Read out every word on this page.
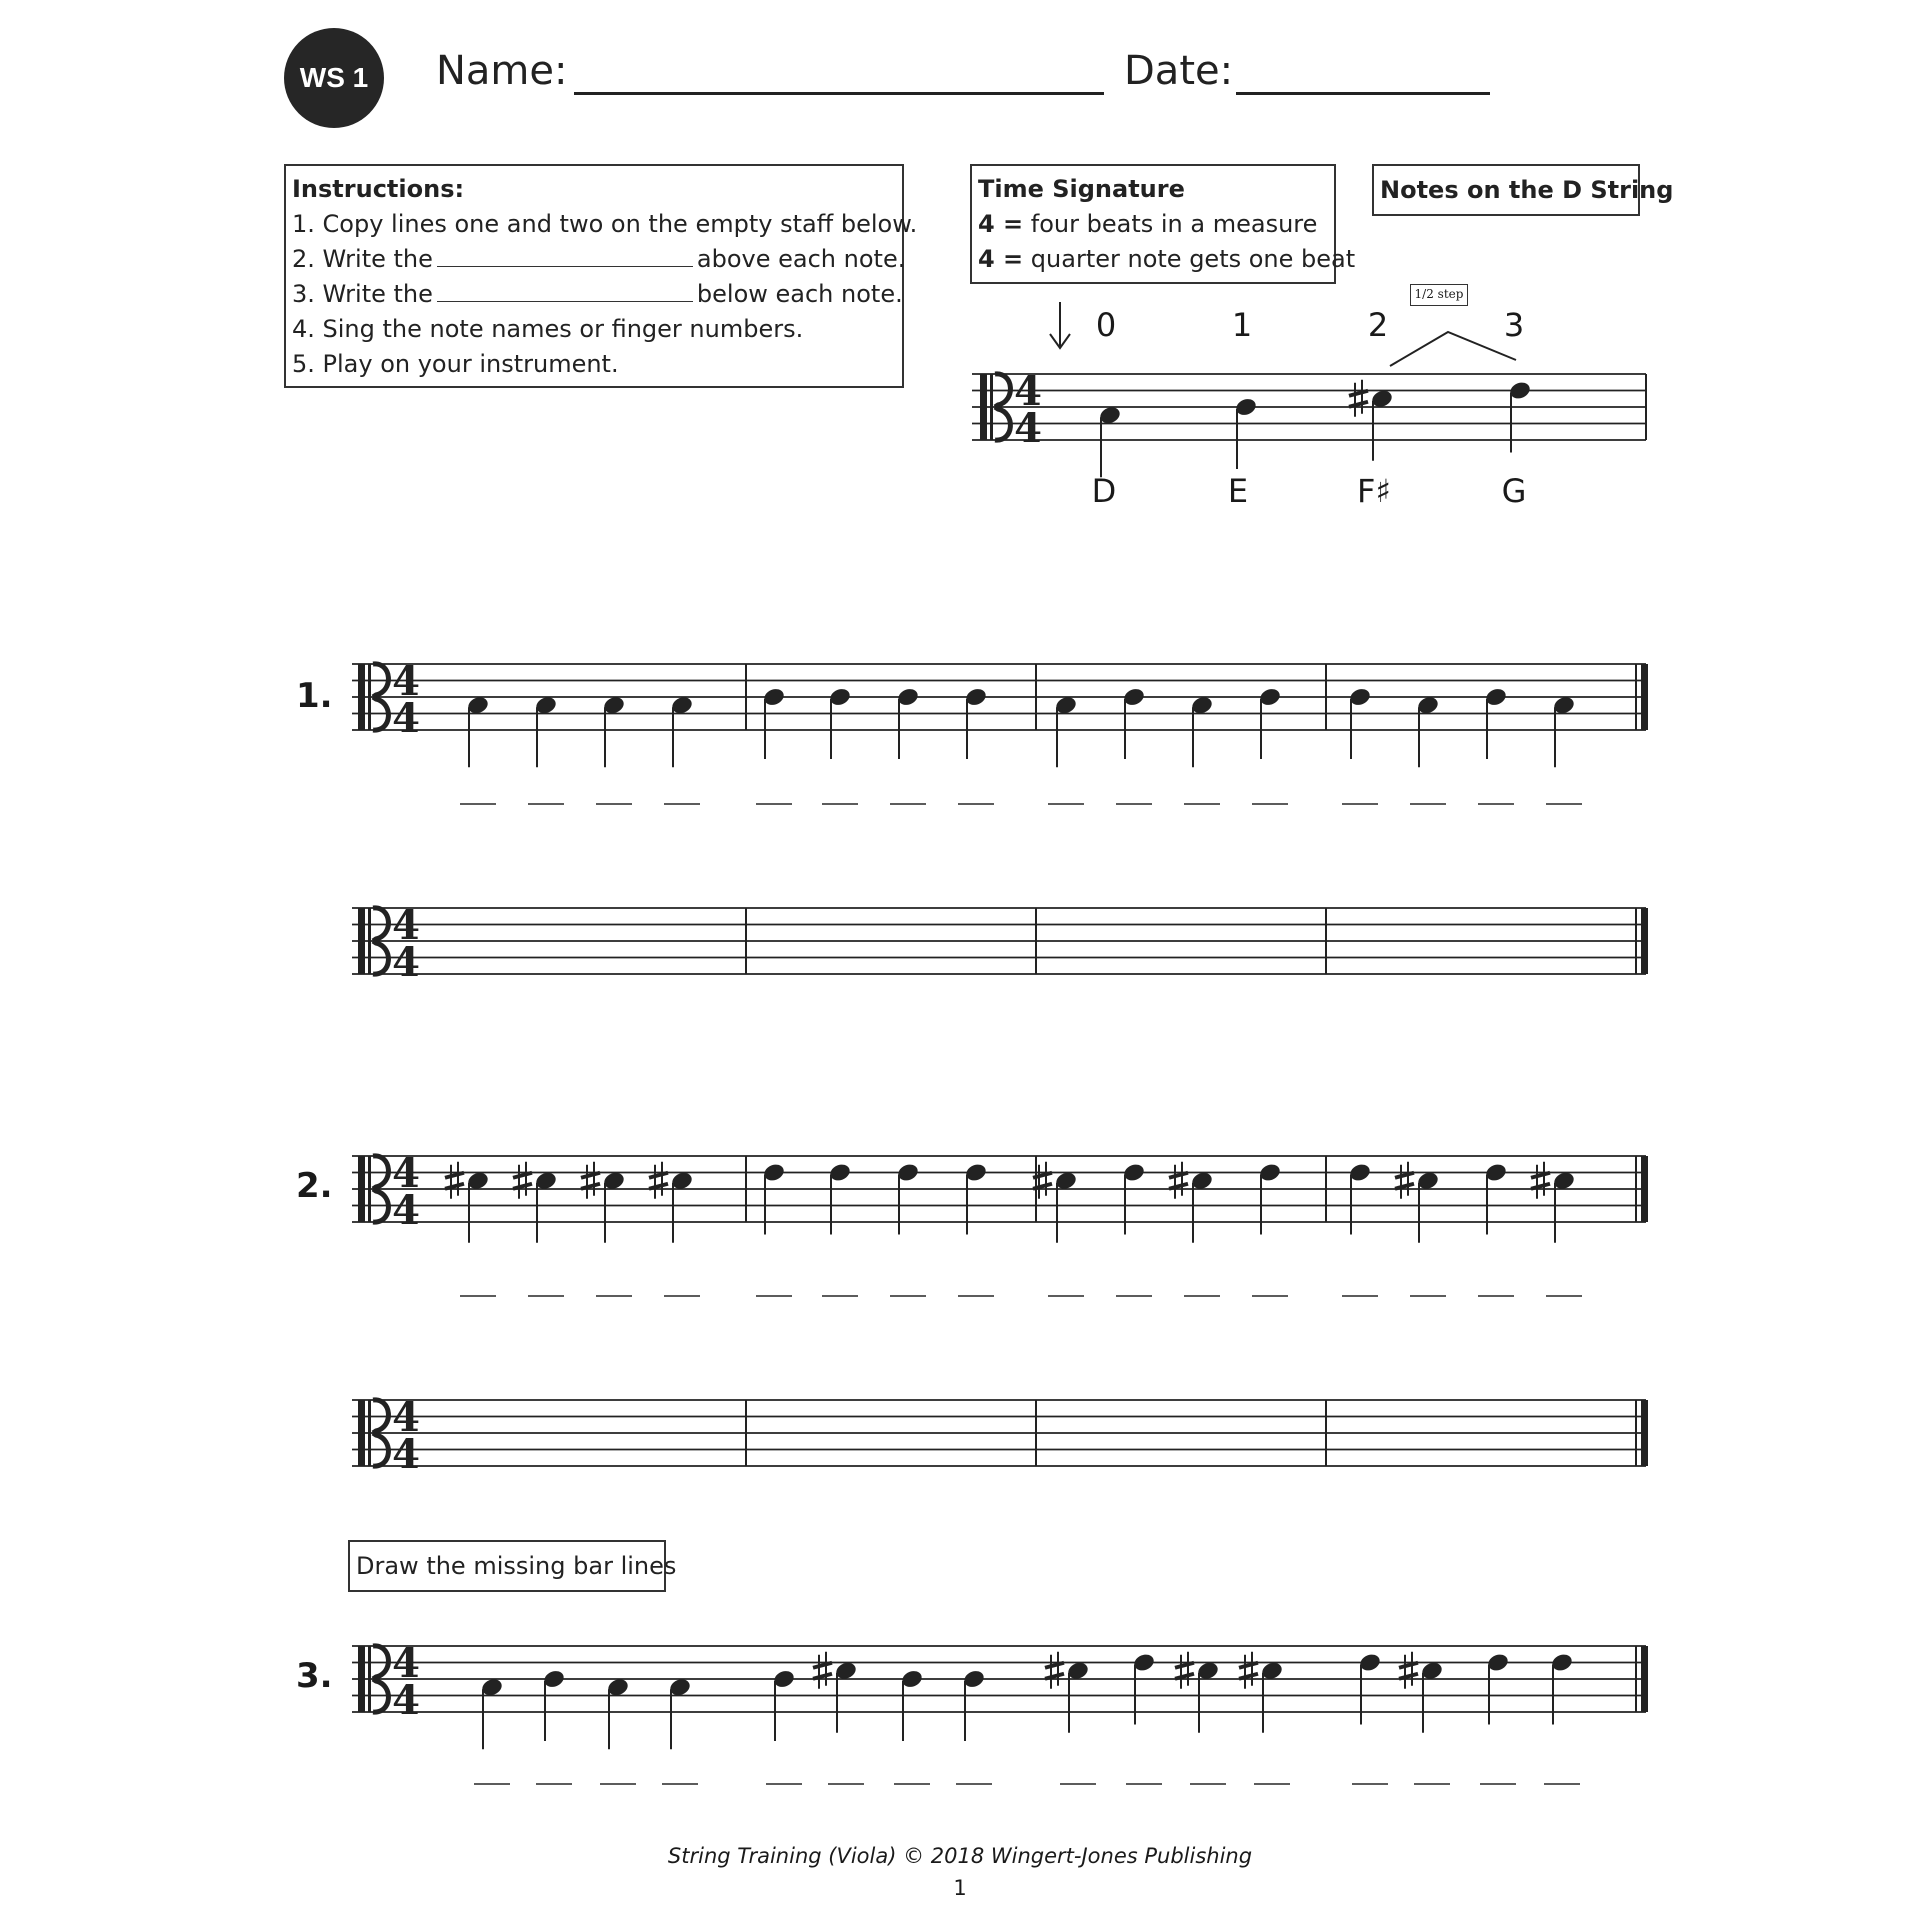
WS 1 Name:	Date:
Instructions:
1. Copy lines one and two on the empty staff below.
2. Write the	above each note.
3. Write the	below each note.
4. Sing the note names or finger numbers.
5. Play on your instrument.
Time Signature
4 = four beats in a measure
4 = quarter note gets one beat
Notes on the D String
1/2 step
0	1	2	3
D	E	F♯	G
1.
2.
3.
Draw the missing bar lines
String Training (Viola) © 2018 Wingert-Jones Publishing
1
4
4
4
4
4
4
4
4
4
4
4
4
